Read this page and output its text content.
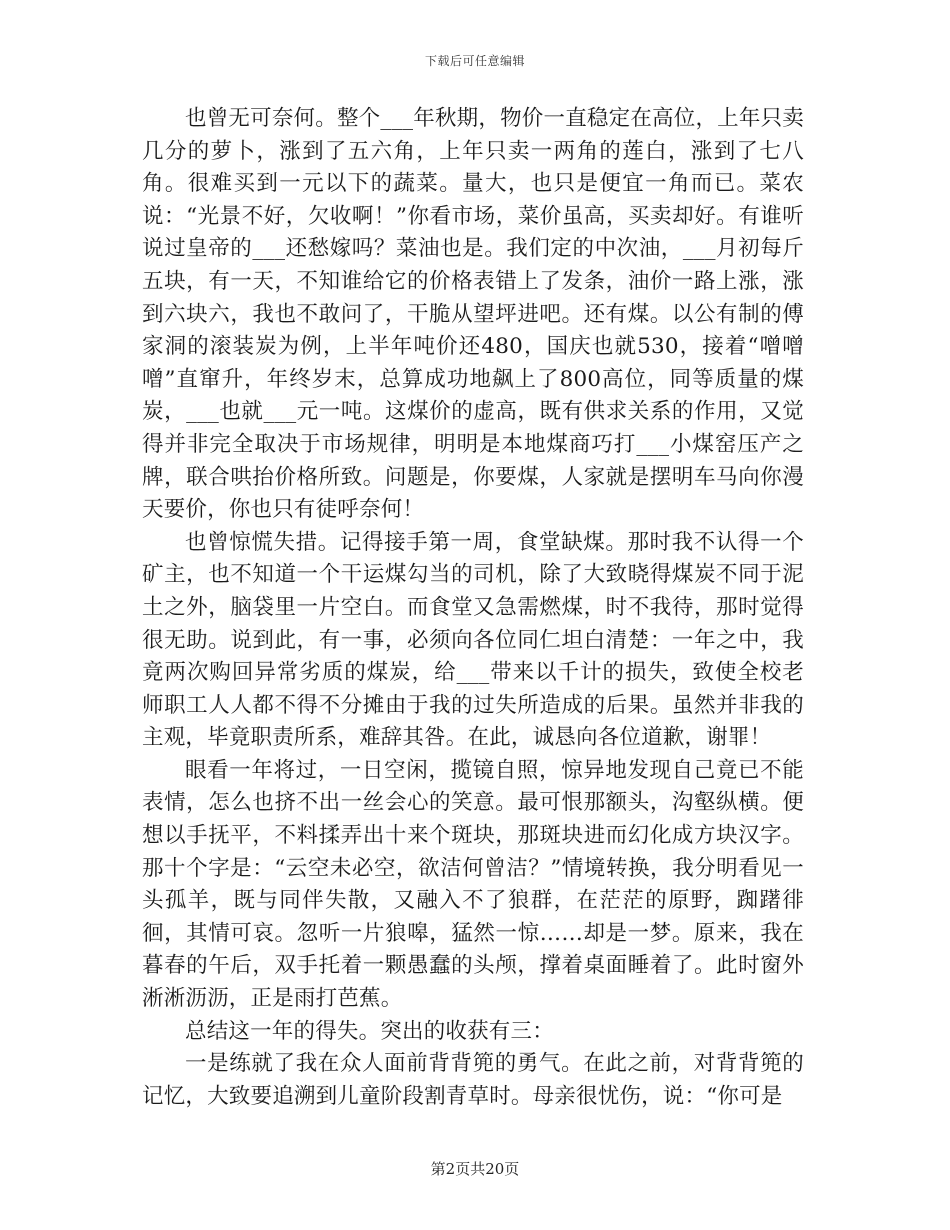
下载后可任意编辑

也曾无可奈何。整个___年秋期，物价一直稳定在高位，上年只卖几分的萝卜，涨到了五六角，上年只卖一两角的莲白，涨到了七八角。很难买到一元以下的蔬菜。量大，也只是便宜一角而已。菜农说：“光景不好，欠收啊！”你看市场，菜价虽高，买卖却好。有谁听说过皇帝的___还愁嫁吗？菜油也是。我们定的中次油，___月初每斤五块，有一天，不知谁给它的价格表错上了发条，油价一路上涨，涨到六块六，我也不敢问了，干脆从望坪进吧。还有煤。以公有制的傅家洞的滚装炭为例，上半年吨价还480，国庆也就530，接着“噌噌噌”直窜升，年终岁末，总算成功地飙上了800高位，同等质量的煤炭，___也就___元一吨。这煤价的虚高，既有供求关系的作用，又觉得并非完全取决于市场规律，明明是本地煤商巧打___小煤窑压产之牌，联合哄抬价格所致。问题是，你要煤，人家就是摆明车马向你漫天要价，你也只有徒呼奈何！

也曾惊慌失措。记得接手第一周，食堂缺煤。那时我不认得一个矿主，也不知道一个干运煤勾当的司机，除了大致晓得煤炭不同于泥土之外，脑袋里一片空白。而食堂又急需燃煤，时不我待，那时觉得很无助。说到此，有一事，必须向各位同仁坦白清楚：一年之中，我竟两次购回异常劣质的煤炭，给___带来以千计的损失，致使全校老师职工人人都不得不分摊由于我的过失所造成的后果。虽然并非我的主观，毕竟职责所系，难辞其咎。在此，诚恳向各位道歉，谢罪！

眼看一年将过，一日空闲，揽镜自照，惊异地发现自己竟已不能表情，怎么也挤不出一丝会心的笑意。最可恨那额头，沟壑纵横。便想以手抚平，不料揉弄出十来个斑块，那斑块进而幻化成方块汉字。那十个字是：“云空未必空，欲洁何曾洁？”情境转换，我分明看见一头孤羊，既与同伴失散，又融入不了狼群，在茫茫的原野，踟躇徘徊，其情可哀。忽听一片狼嗥，猛然一惊……却是一梦。原来，我在暮春的午后，双手托着一颗愚蠢的头颅，撑着桌面睡着了。此时窗外淅淅沥沥，正是雨打芭蕉。

总结这一年的得失。突出的收获有三：

一是练就了我在众人面前背背篼的勇气。在此之前，对背背篼的记忆，大致要追溯到儿童阶段割青草时。母亲很忧伤，说：“你可是

第2页共20页
